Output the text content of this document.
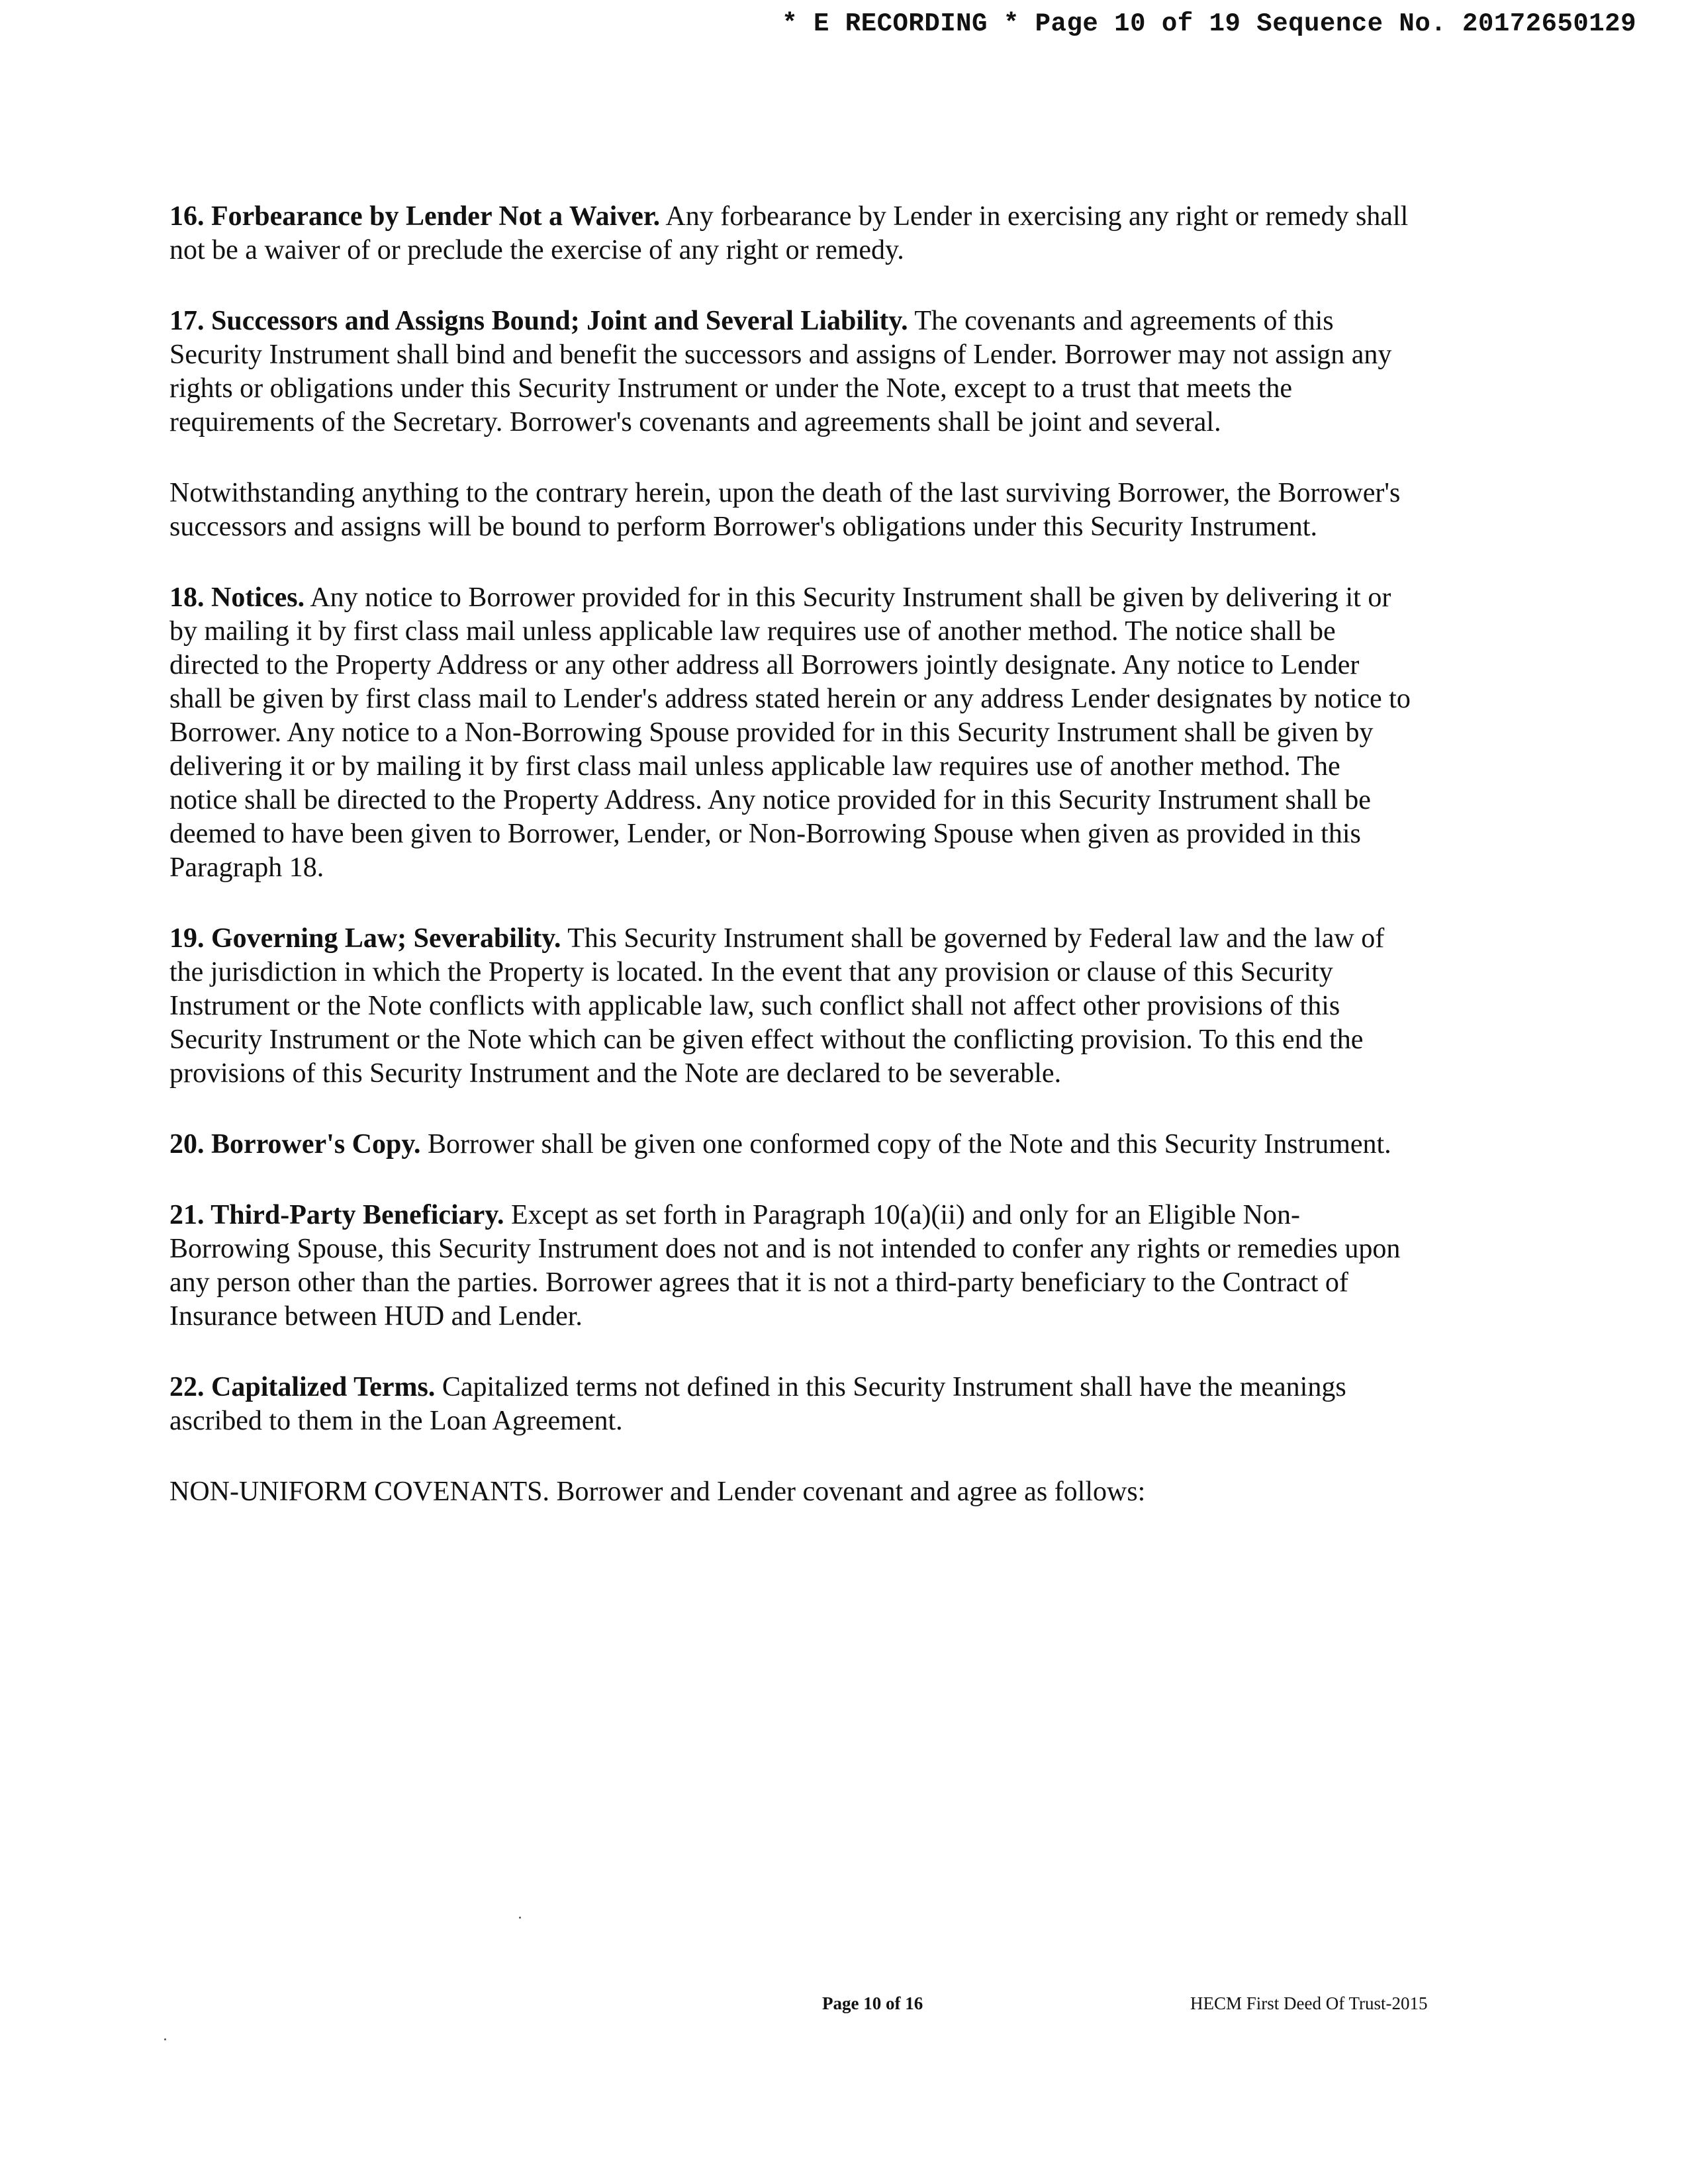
* E RECORDING * Page 10 of 19 Sequence No. 20172650129

16. Forbearance by Lender Not a Waiver. Any forbearance by Lender in exercising any right or remedy shall not be a waiver of or preclude the exercise of any right or remedy.

17. Successors and Assigns Bound; Joint and Several Liability. The covenants and agreements of this Security Instrument shall bind and benefit the successors and assigns of Lender. Borrower may not assign any rights or obligations under this Security Instrument or under the Note, except to a trust that meets the requirements of the Secretary. Borrower's covenants and agreements shall be joint and several.

Notwithstanding anything to the contrary herein, upon the death of the last surviving Borrower, the Borrower's successors and assigns will be bound to perform Borrower's obligations under this Security Instrument.

18. Notices. Any notice to Borrower provided for in this Security Instrument shall be given by delivering it or by mailing it by first class mail unless applicable law requires use of another method. The notice shall be directed to the Property Address or any other address all Borrowers jointly designate. Any notice to Lender shall be given by first class mail to Lender's address stated herein or any address Lender designates by notice to Borrower. Any notice to a Non-Borrowing Spouse provided for in this Security Instrument shall be given by delivering it or by mailing it by first class mail unless applicable law requires use of another method. The notice shall be directed to the Property Address. Any notice provided for in this Security Instrument shall be deemed to have been given to Borrower, Lender, or Non-Borrowing Spouse when given as provided in this Paragraph 18.

19. Governing Law; Severability. This Security Instrument shall be governed by Federal law and the law of the jurisdiction in which the Property is located. In the event that any provision or clause of this Security Instrument or the Note conflicts with applicable law, such conflict shall not affect other provisions of this Security Instrument or the Note which can be given effect without the conflicting provision. To this end the provisions of this Security Instrument and the Note are declared to be severable.

20. Borrower's Copy. Borrower shall be given one conformed copy of the Note and this Security Instrument.

21. Third-Party Beneficiary. Except as set forth in Paragraph 10(a)(ii) and only for an Eligible Non-Borrowing Spouse, this Security Instrument does not and is not intended to confer any rights or remedies upon any person other than the parties. Borrower agrees that it is not a third-party beneficiary to the Contract of Insurance between HUD and Lender.

22. Capitalized Terms. Capitalized terms not defined in this Security Instrument shall have the meanings ascribed to them in the Loan Agreement.

NON-UNIFORM COVENANTS. Borrower and Lender covenant and agree as follows:

Page 10 of 16	HECM First Deed Of Trust-2015
